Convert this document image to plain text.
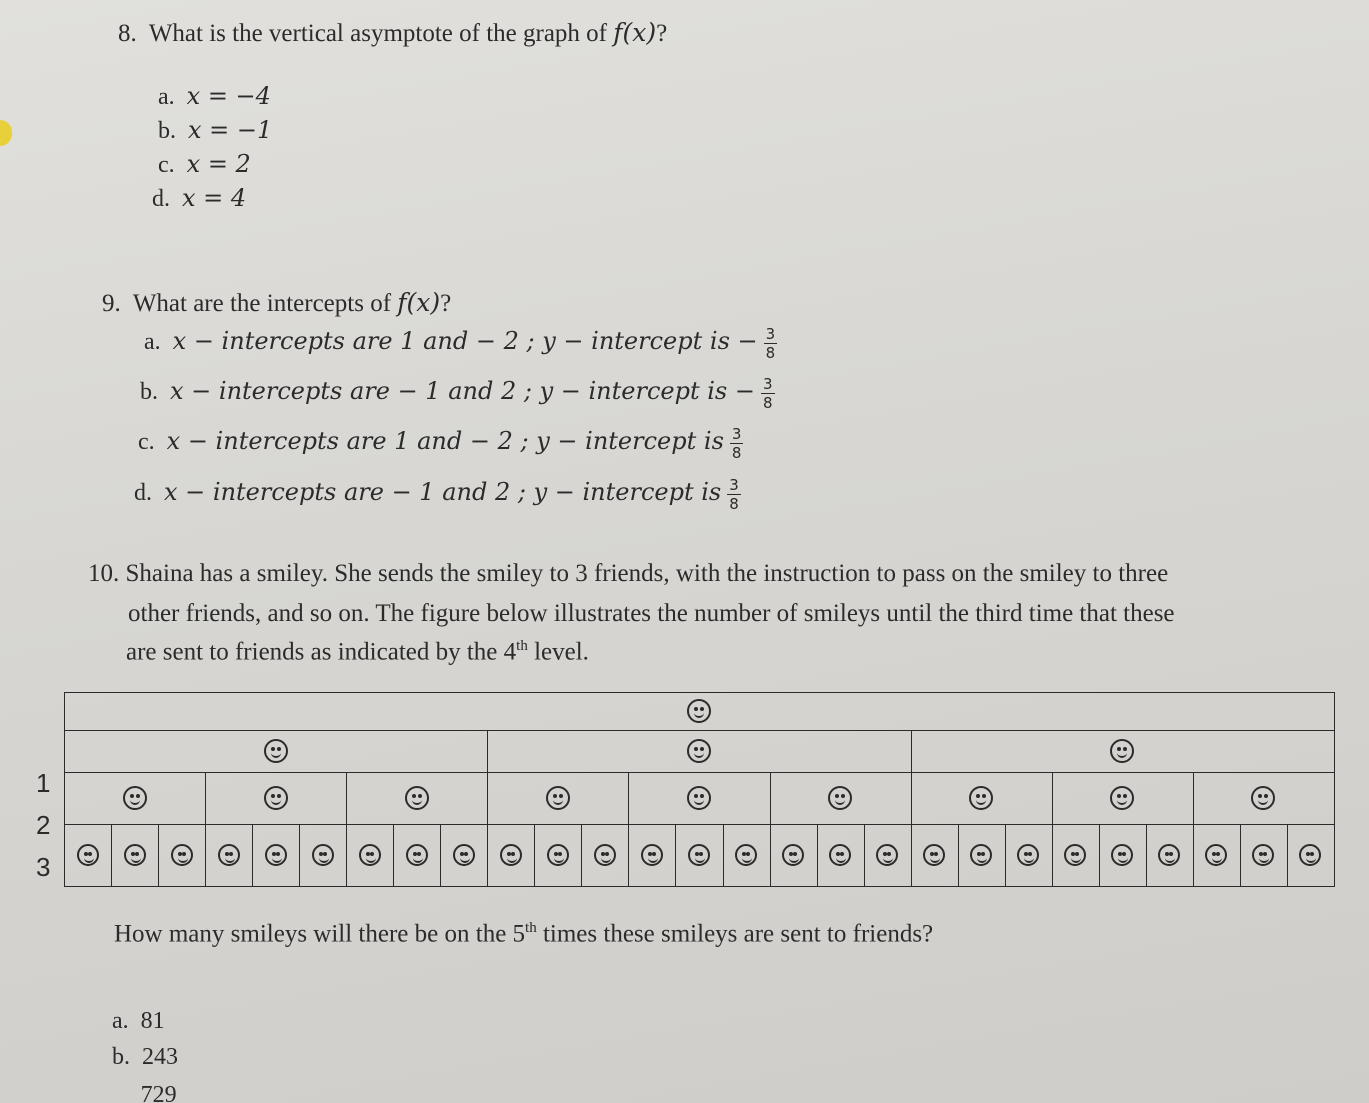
8. What is the vertical asymptote of the graph of f(x)?
a. x = −4
b. x = −1
c. x = 2
d. x = 4
9. What are the intercepts of f(x)?
a. x − intercepts are 1 and − 2 ; y − intercept is − $\frac{3}{8}$
b. x − intercepts are − 1 and 2 ; y − intercept is − $\frac{3}{8}$
c. x − intercepts are 1 and − 2 ; y − intercept is $\frac{3}{8}$
d. x − intercepts are − 1 and 2 ; y − intercept is $\frac{3}{8}$
10. Shaina has a smiley. She sends the smiley to 3 friends, with the instruction to pass on the smiley to three
other friends, and so on. The figure below illustrates the number of smileys until the third time that these
are sent to friends as indicated by the 4th level.
1
2
3
How many smileys will there be on the 5th times these smileys are sent to friends?
a. 81
b. 243
729
